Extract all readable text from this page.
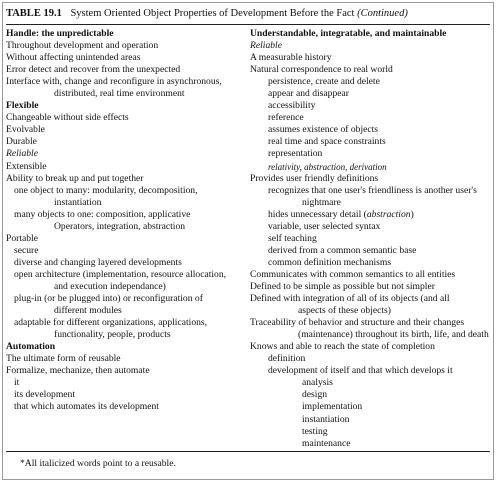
TABLE 19.1 System Oriented Object Properties of Development Before the Fact (Continued)
Handle: the unpredictable
Throughout development and operation
Without affecting unintended areas
Error detect and recover from the unexpected
Interface with, change and reconfigure in asynchronous,
distributed, real time environment
Flexible
Changeable without side effects
Evolvable
Durable
Reliable
Extensible
Ability to break up and put together
one object to many: modularity, decomposition,
instantiation
many objects to one: composition, applicative
Operators, integration, abstraction
Portable
secure
diverse and changing layered developments
open architecture (implementation, resource allocation,
and execution independance)
plug-in (or be plugged into) or reconfiguration of
different modules
adaptable for different organizations, applications,
functionality, people, products
Automation
The ultimate form of reusable
Formalize, mechanize, then automate
it
its development
that which automates its development
Understandable, integratable, and maintainable
Reliable
A measurable history
Natural correspondence to real world
persistence, create and delete
appear and disappear
accessibility
reference
assumes existence of objects
real time and space constraints
representation
relativity, abstraction, derivation
Provides user friendly definitions
recognizes that one user's friendliness is another user's
nightmare
hides unnecessary detail (abstraction)
variable, user selected syntax
self teaching
derived from a common semantic base
common definition mechanisms
Communicates with common semantics to all entities
Defined to be simple as possible but not simpler
Defined with integration of all of its objects (and all
aspects of these objects)
Traceability of behavior and structure and their changes
(maintenance) throughout its birth, life, and death
Knows and able to reach the state of completion
definition
development of itself and that which develops it
analysis
design
implementation
instantiation
testing
maintenance
*All italicized words point to a reusable.
